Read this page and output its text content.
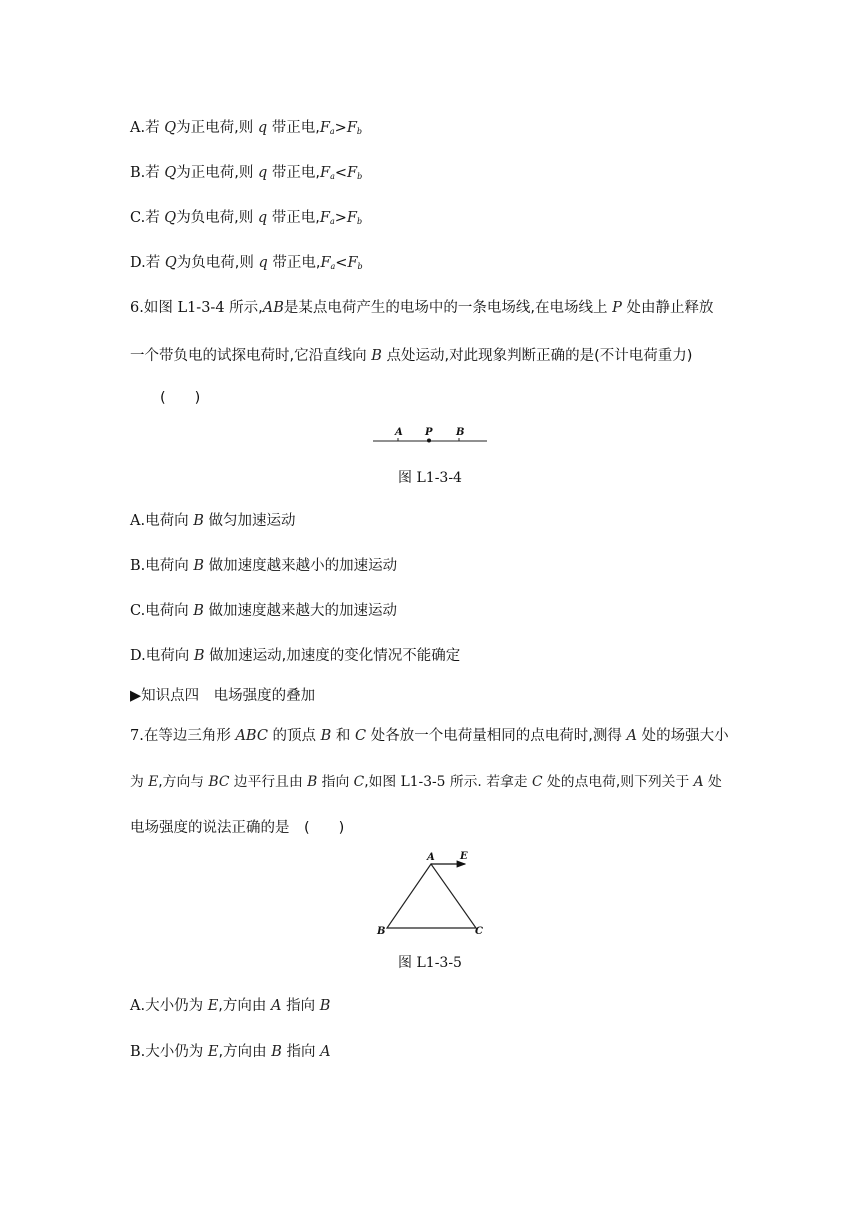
A.若 Q为正电荷,则 q 带正电$,F_a>F_b$
B.若 Q为正电荷,则 q 带正电$,F_a<F_b$
C.若 Q为负电荷,则 q 带正电$,F_a>F_b$
D.若 Q为负电荷,则 q 带正电$,F_a<F_b$
6.如图 L1-3-4 所示,AB是某点电荷产生的电场中的一条电场线,在电场线上 P 处由静止释放
一个带负电的试探电荷时,它沿直线向 B 点处运动,对此现象判断正确的是(不计电荷重力)
(　　)
A P B
图 L1-3-4
A.电荷向 B 做匀加速运动
B.电荷向 B 做加速度越来越小的加速运动
C.电荷向 B 做加速度越来越大的加速运动
D.电荷向 B 做加速运动,加速度的变化情况不能确定
▶知识点四　电场强度的叠加
7.在等边三角形 ABC 的顶点 B 和 C 处各放一个电荷量相同的点电荷时,测得 A 处的场强大小
为 E,方向与 BC 边平行且由 B 指向 C,如图 L1-3-5 所示. 若拿走 C 处的点电荷,则下列关于 A 处
电场强度的说法正确的是　(　　)
A	E
B	C
图 L1-3-5
A.大小仍为 E,方向由 A 指向 B
B.大小仍为 E,方向由 B 指向 A
